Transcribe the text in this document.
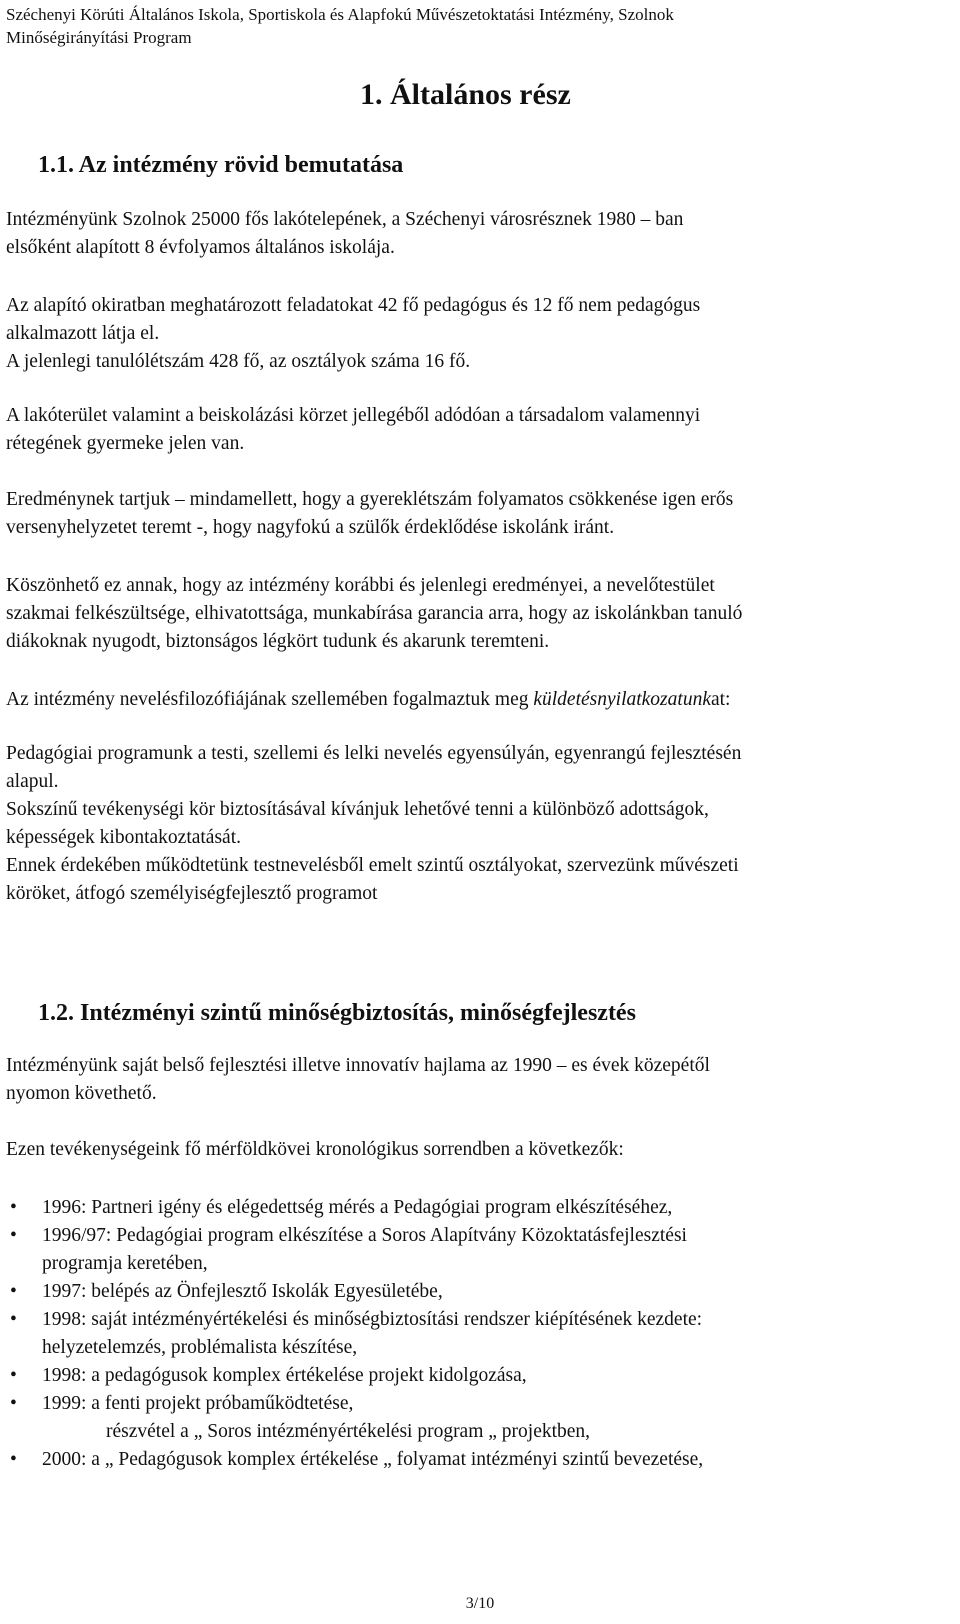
Széchenyi Körúti Általános Iskola, Sportiskola és Alapfokú Művészetoktatási Intézmény, Szolnok
Minőségirányítási Program
1. Általános rész
1.1. Az intézmény rövid bemutatása
Intézményünk Szolnok 25000 fős lakótelepének, a Széchenyi városrésznek 1980 – ban
elsőként alapított 8 évfolyamos általános iskolája.
Az alapító okiratban meghatározott feladatokat 42 fő pedagógus és 12 fő nem pedagógus
alkalmazott látja el.
A jelenlegi tanulólétszám 428 fő, az osztályok száma 16 fő.
A lakóterület valamint a beiskolázási körzet jellegéből adódóan a társadalom valamennyi
rétegének gyermeke jelen van.
Eredménynek tartjuk – mindamellett, hogy a gyereklétszám folyamatos csökkenése igen erős
versenyhelyzetet teremt -, hogy nagyfokú a szülők érdeklődése iskolánk iránt.
Köszönhető ez annak, hogy az intézmény korábbi és jelenlegi eredményei, a nevelőtestület
szakmai felkészültsége, elhivatottsága, munkabírása garancia arra, hogy az iskolánkban tanuló
diákoknak nyugodt, biztonságos légkört tudunk és akarunk teremteni.
Az intézmény nevelésfilozófiájának szellemében fogalmaztuk meg küldetésnyilatkozatunkat:
Pedagógiai programunk a testi, szellemi és lelki nevelés egyensúlyán, egyenrangú fejlesztésén
alapul.
Sokszínű tevékenységi kör biztosításával kívánjuk lehetővé tenni a különböző adottságok,
képességek kibontakoztatását.
Ennek érdekében működtetünk testnevelésből emelt szintű osztályokat, szervezünk művészeti
köröket, átfogó személyiségfejlesztő programot
1.2. Intézményi szintű minőségbiztosítás, minőségfejlesztés
Intézményünk saját belső fejlesztési illetve innovatív hajlama az 1990 – es évek közepétől
nyomon követhető.
Ezen tevékenységeink fő mérföldkövei kronológikus sorrendben a következők:
• 1996: Partneri igény és elégedettség mérés a Pedagógiai program elkészítéséhez,
• 1996/97: Pedagógiai program elkészítése a Soros Alapítvány Közoktatásfejlesztési
programja keretében,
• 1997: belépés az Önfejlesztő Iskolák Egyesületébe,
• 1998: saját intézményértékelési és minőségbiztosítási rendszer kiépítésének kezdete:
helyzetelemzés, problémalista készítése,
• 1998: a pedagógusok komplex értékelése projekt kidolgozása,
• 1999: a fenti projekt próbaműködtetése,
részvétel a „ Soros intézményértékelési program „ projektben,
• 2000: a „ Pedagógusok komplex értékelése „ folyamat intézményi szintű bevezetése,
3/10
